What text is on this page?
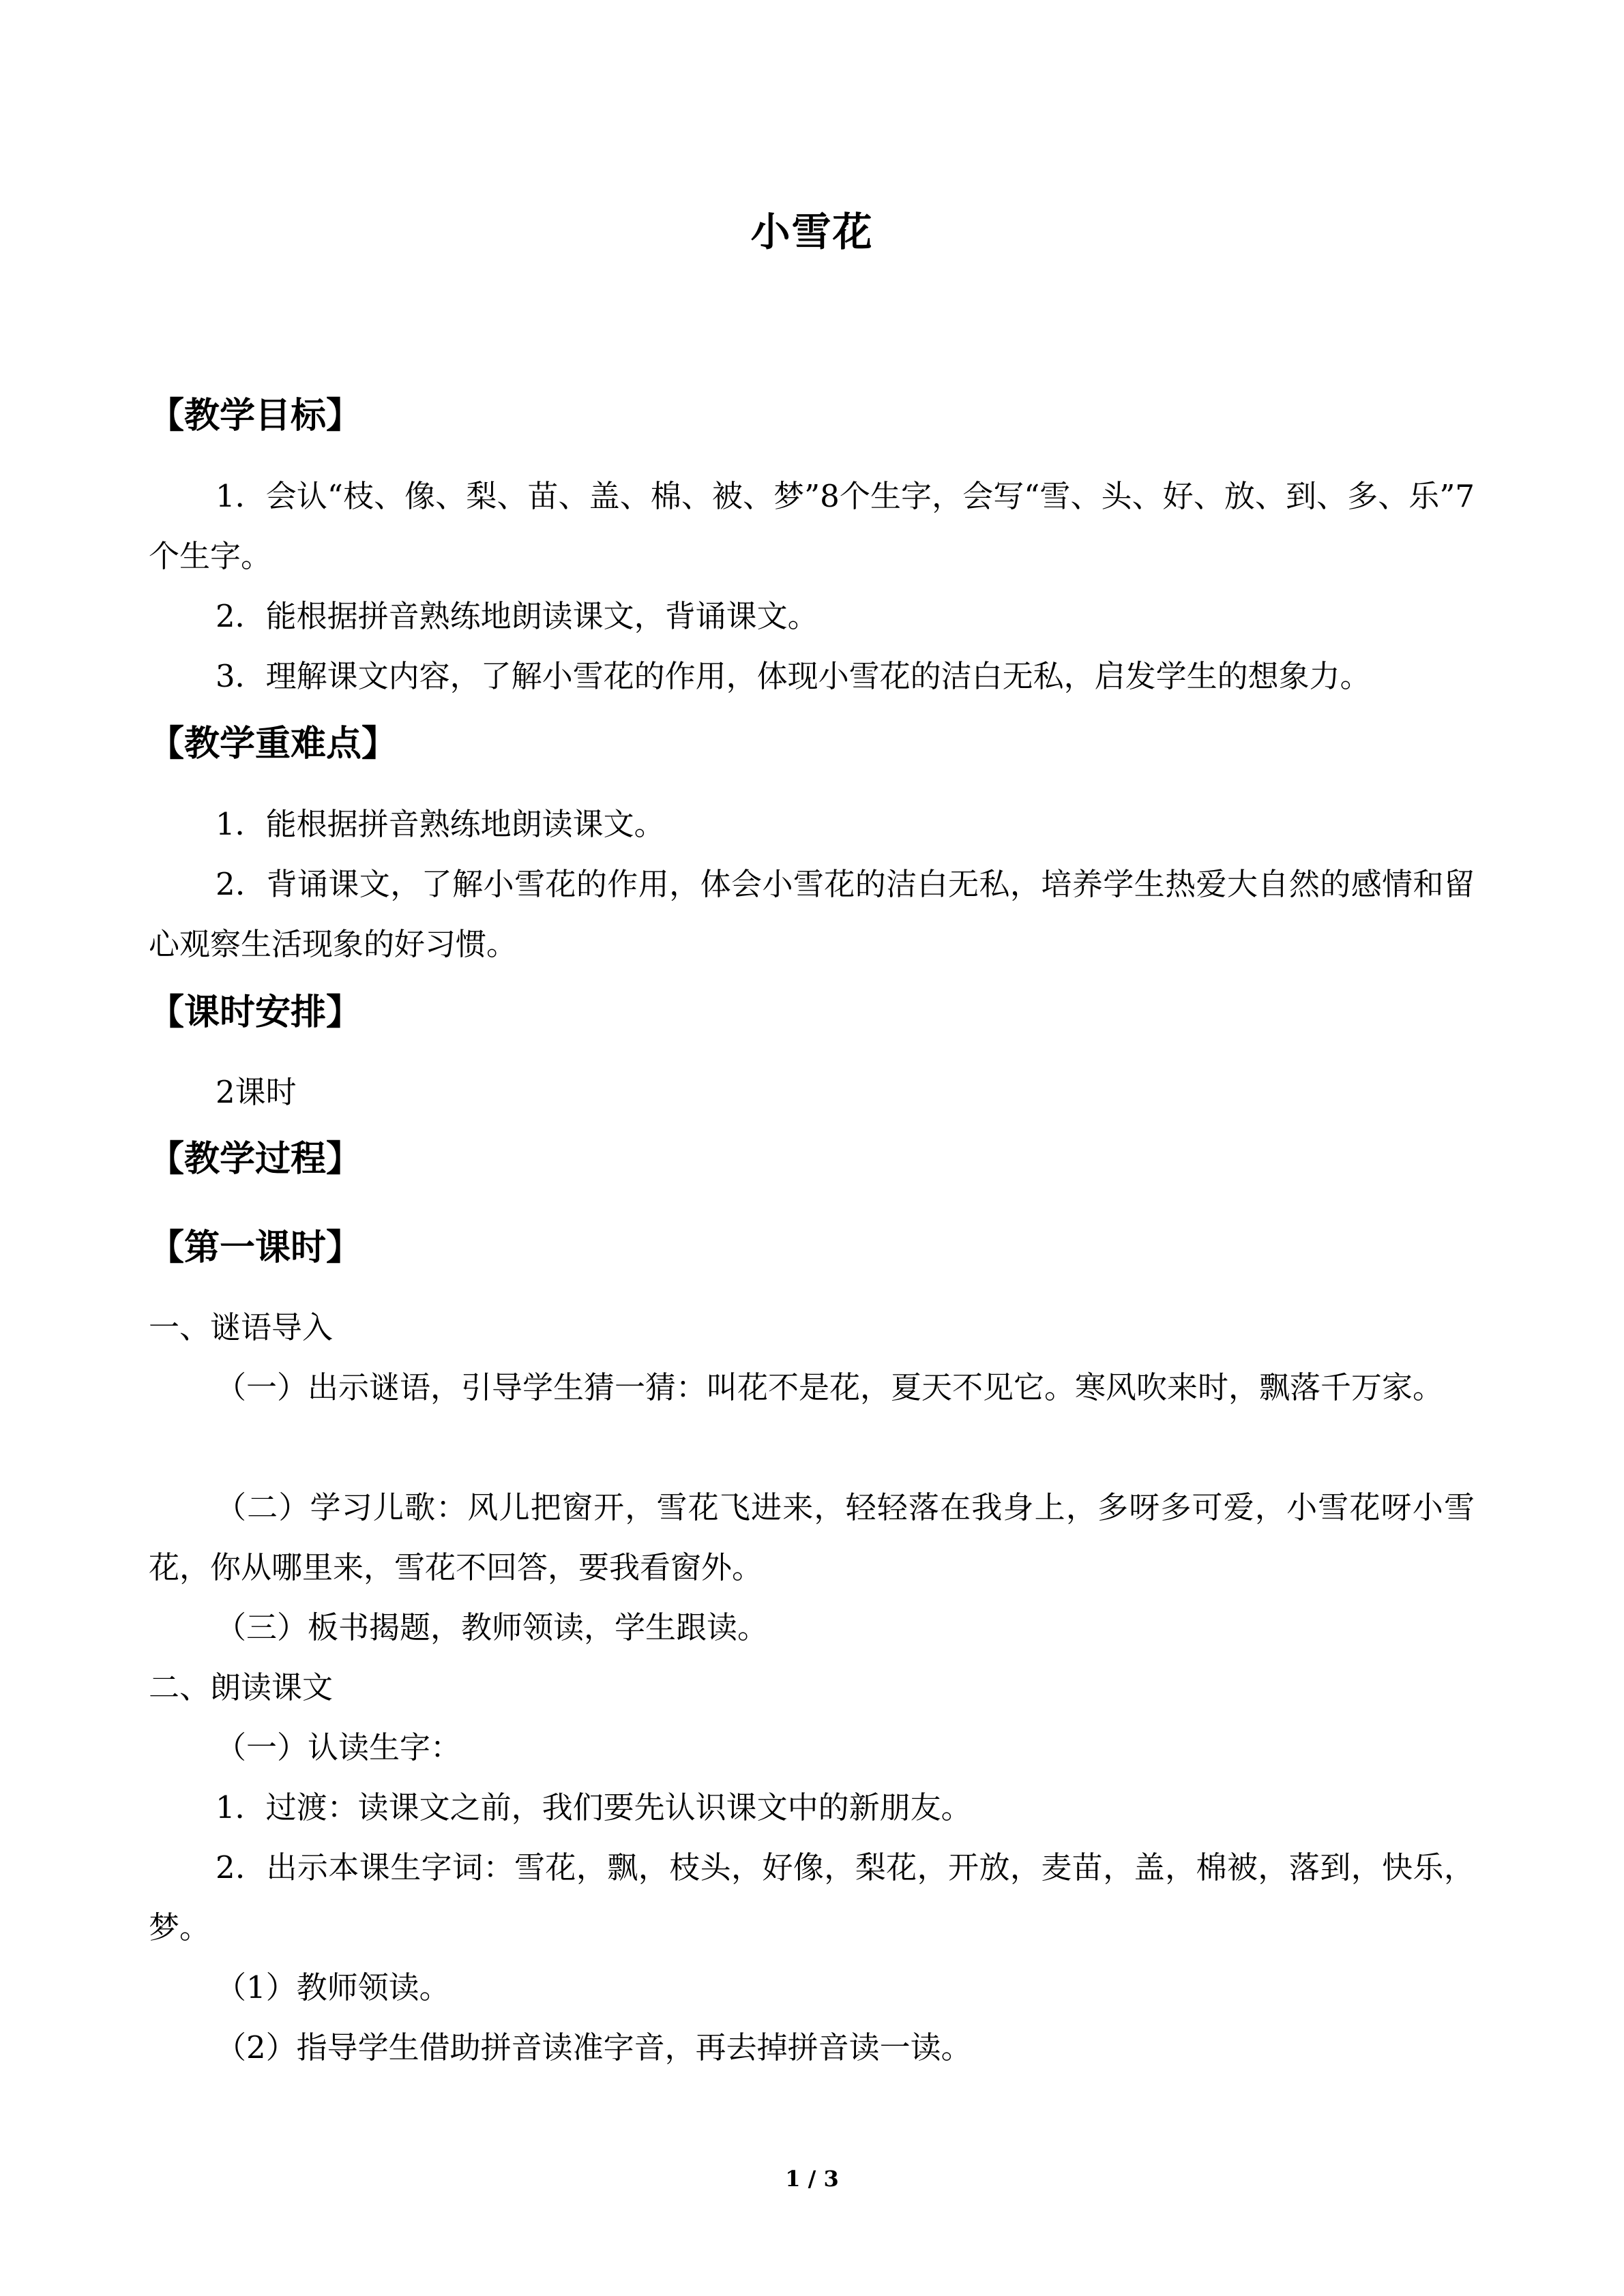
小雪花
【教学目标】

1．会认“枝、像、梨、苗、盖、棉、被、梦”8个生字，会写“雪、头、好、放、到、多、乐”7个生字。

2．能根据拼音熟练地朗读课文，背诵课文。

3．理解课文内容，了解小雪花的作用，体现小雪花的洁白无私，启发学生的想象力。

【教学重难点】

1．能根据拼音熟练地朗读课文。

2．背诵课文，了解小雪花的作用，体会小雪花的洁白无私，培养学生热爱大自然的感情和留心观察生活现象的好习惯。

【课时安排】

2课时

【教学过程】
【第一课时】

一、谜语导入

（一）出示谜语，引导学生猜一猜：叫花不是花，夏天不见它。寒风吹来时，飘落千万家。

（二）学习儿歌：风儿把窗开，雪花飞进来，轻轻落在我身上，多呀多可爱，小雪花呀小雪花，你从哪里来，雪花不回答，要我看窗外。

（三）板书揭题，教师领读，学生跟读。

二、朗读课文

（一）认读生字：

1．过渡：读课文之前，我们要先认识课文中的新朋友。

2．出示本课生字词：雪花，飘，枝头，好像，梨花，开放，麦苗，盖，棉被，落到，快乐，梦。

（1）教师领读。

（2）指导学生借助拼音读准字音，再去掉拼音读一读。

1 / 3
